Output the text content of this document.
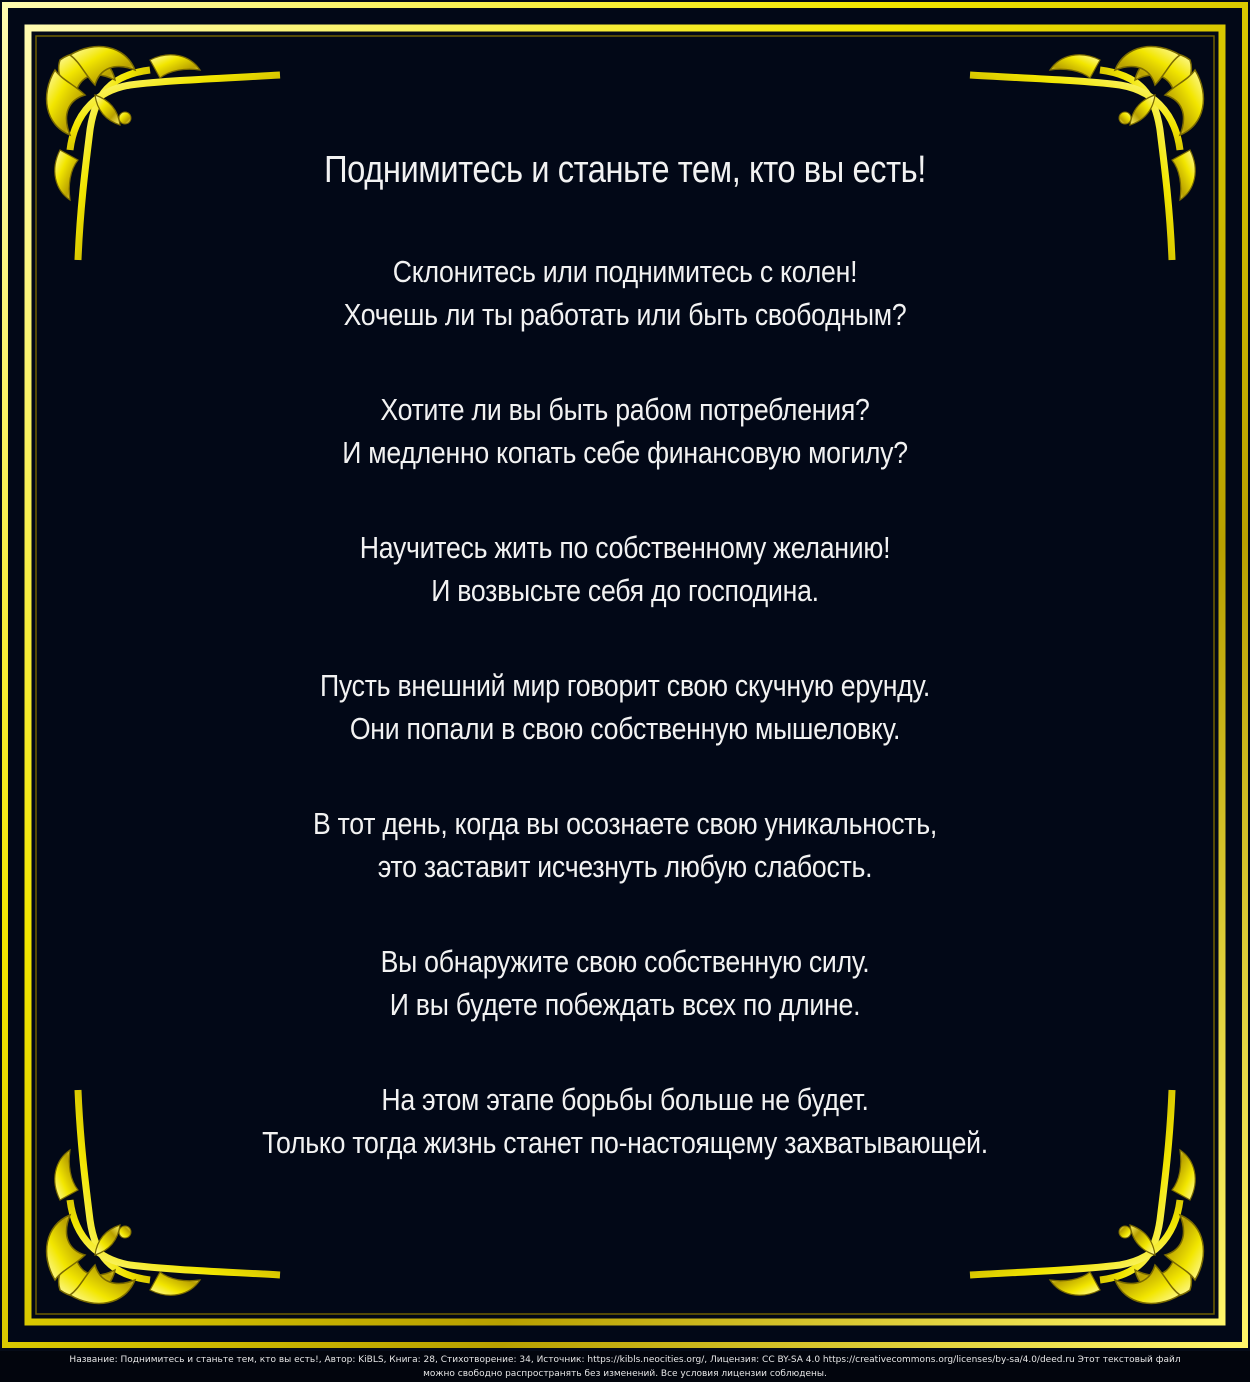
Поднимитесь и станьте тем, кто вы есть!
Склонитесь или поднимитесь с колен!
Хочешь ли ты работать или быть свободным?
Хотите ли вы быть рабом потребления?
И медленно копать себе финансовую могилу?
Научитесь жить по собственному желанию!
И возвысьте себя до господина.
Пусть внешний мир говорит свою скучную ерунду.
Они попали в свою собственную мышеловку.
В тот день, когда вы осознаете свою уникальность,
это заставит исчезнуть любую слабость.
Вы обнаружите свою собственную силу.
И вы будете побеждать всех по длине.
На этом этапе борьбы больше не будет.
Только тогда жизнь станет по-настоящему захватывающей.
Название: Поднимитесь и станьте тем, кто вы есть!, Автор: KiBLS, Книга: 28, Стихотворение: 34, Источник: https://kibls.neocities.org/, Лицензия: CC BY-SA 4.0 https://creativecommons.org/licenses/by-sa/4.0/deed.ru Этот текстовый файл
можно свободно распространять без изменений. Все условия лицензии соблюдены.
